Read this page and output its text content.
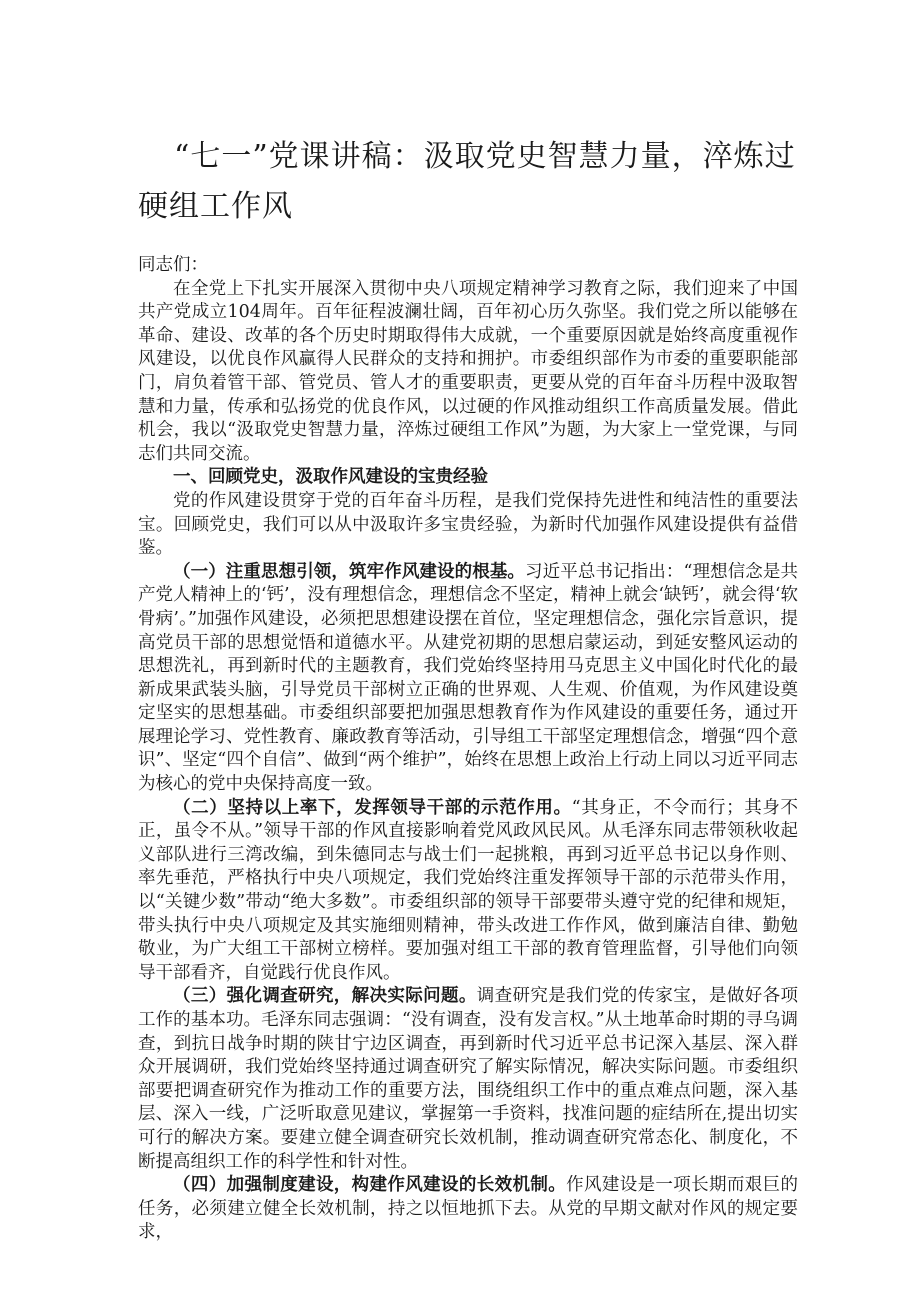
“七一”党课讲稿：汲取党史智慧力量，淬炼过硬组工作风

同志们：

在全党上下扎实开展深入贯彻中央八项规定精神学习教育之际，我们迎来了中国共产党成立104周年。百年征程波澜壮阔，百年初心历久弥坚。我们党之所以能够在革命、建设、改革的各个历史时期取得伟大成就，一个重要原因就是始终高度重视作风建设，以优良作风赢得人民群众的支持和拥护。市委组织部作为市委的重要职能部门，肩负着管干部、管党员、管人才的重要职责，更要从党的百年奋斗历程中汲取智慧和力量，传承和弘扬党的优良作风，以过硬的作风推动组织工作高质量发展。借此机会，我以“汲取党史智慧力量，淬炼过硬组工作风”为题，为大家上一堂党课，与同志们共同交流。

一、回顾党史，汲取作风建设的宝贵经验

党的作风建设贯穿于党的百年奋斗历程，是我们党保持先进性和纯洁性的重要法宝。回顾党史，我们可以从中汲取许多宝贵经验，为新时代加强作风建设提供有益借鉴。

（一）注重思想引领，筑牢作风建设的根基。习近平总书记指出：“理想信念是共产党人精神上的‘钙’，没有理想信念，理想信念不坚定，精神上就会‘缺钙’，就会得‘软骨病’。”加强作风建设，必须把思想建设摆在首位，坚定理想信念，强化宗旨意识，提高党员干部的思想觉悟和道德水平。从建党初期的思想启蒙运动，到延安整风运动的思想洗礼，再到新时代的主题教育，我们党始终坚持用马克思主义中国化时代化的最新成果武装头脑，引导党员干部树立正确的世界观、人生观、价值观，为作风建设奠定坚实的思想基础。市委组织部要把加强思想教育作为作风建设的重要任务，通过开展理论学习、党性教育、廉政教育等活动，引导组工干部坚定理想信念，增强“四个意识”、坚定“四个自信”、做到“两个维护”，始终在思想上政治上行动上同以习近平同志为核心的党中央保持高度一致。

（二）坚持以上率下，发挥领导干部的示范作用。“其身正，不令而行；其身不正，虽令不从。”领导干部的作风直接影响着党风政风民风。从毛泽东同志带领秋收起义部队进行三湾改编，到朱德同志与战士们一起挑粮，再到习近平总书记以身作则、率先垂范，严格执行中央八项规定，我们党始终注重发挥领导干部的示范带头作用，以“关键少数”带动“绝大多数”。市委组织部的领导干部要带头遵守党的纪律和规矩，带头执行中央八项规定及其实施细则精神，带头改进工作作风，做到廉洁自律、勤勉敬业，为广大组工干部树立榜样。要加强对组工干部的教育管理监督，引导他们向领导干部看齐，自觉践行优良作风。

（三）强化调查研究，解决实际问题。调查研究是我们党的传家宝，是做好各项工作的基本功。毛泽东同志强调：“没有调查，没有发言权。”从土地革命时期的寻乌调查，到抗日战争时期的陕甘宁边区调查，再到新时代习近平总书记深入基层、深入群众开展调研，我们党始终坚持通过调查研究了解实际情况，解决实际问题。市委组织部要把调查研究作为推动工作的重要方法，围绕组织工作中的重点难点问题，深入基层、深入一线，广泛听取意见建议，掌握第一手资料，找准问题的症结所在,提出切实可行的解决方案。要建立健全调查研究长效机制，推动调查研究常态化、制度化，不断提高组织工作的科学性和针对性。

（四）加强制度建设，构建作风建设的长效机制。作风建设是一项长期而艰巨的任务，必须建立健全长效机制，持之以恒地抓下去。从党的早期文献对作风的规定要求，
